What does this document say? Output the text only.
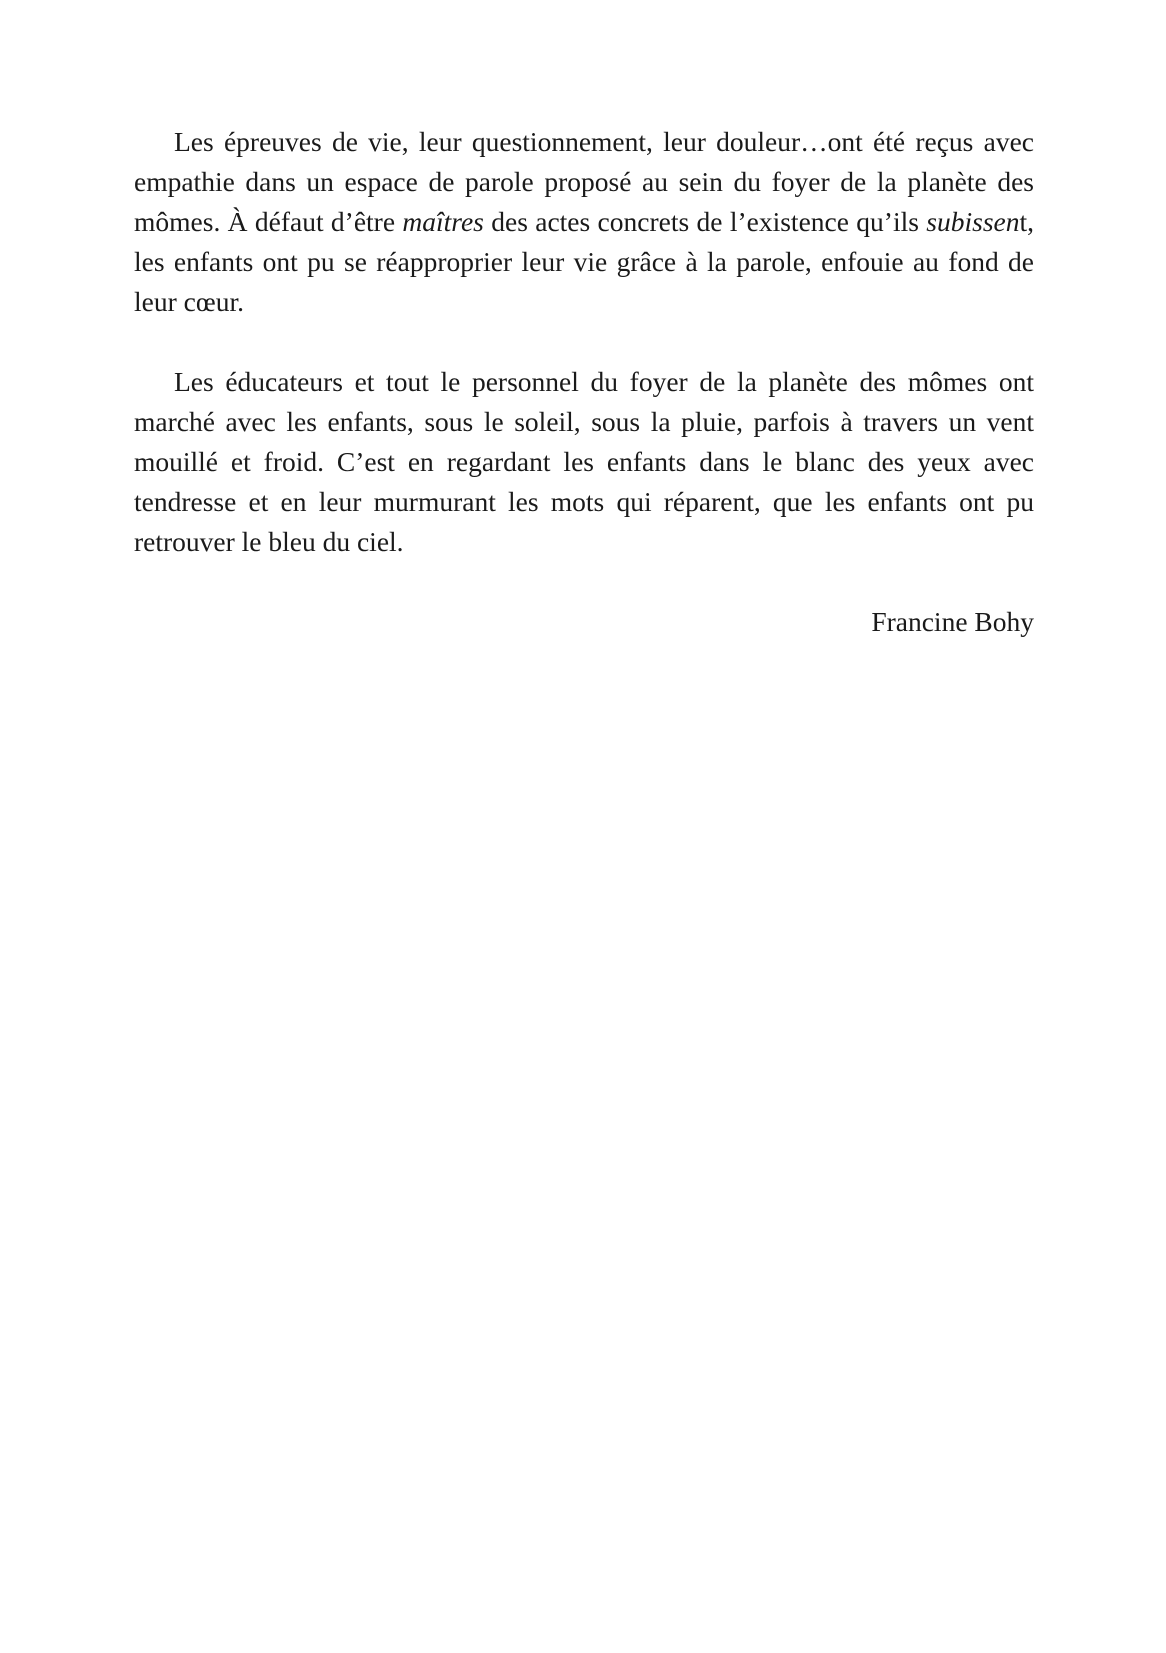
Les épreuves de vie, leur questionnement, leur douleur…ont été reçus avec empathie dans un espace de parole proposé au sein du foyer de la planète des mômes. À défaut d’être maîtres des actes concrets de l’existence qu’ils subissent, les enfants ont pu se réapproprier leur vie grâce à la parole, enfouie au fond de leur cœur.

Les éducateurs et tout le personnel du foyer de la planète des mômes ont marché avec les enfants, sous le soleil, sous la pluie, parfois à travers un vent mouillé et froid. C’est en regardant les enfants dans le blanc des yeux avec tendresse et en leur murmurant les mots qui réparent, que les enfants ont pu retrouver le bleu du ciel.

Francine Bohy
